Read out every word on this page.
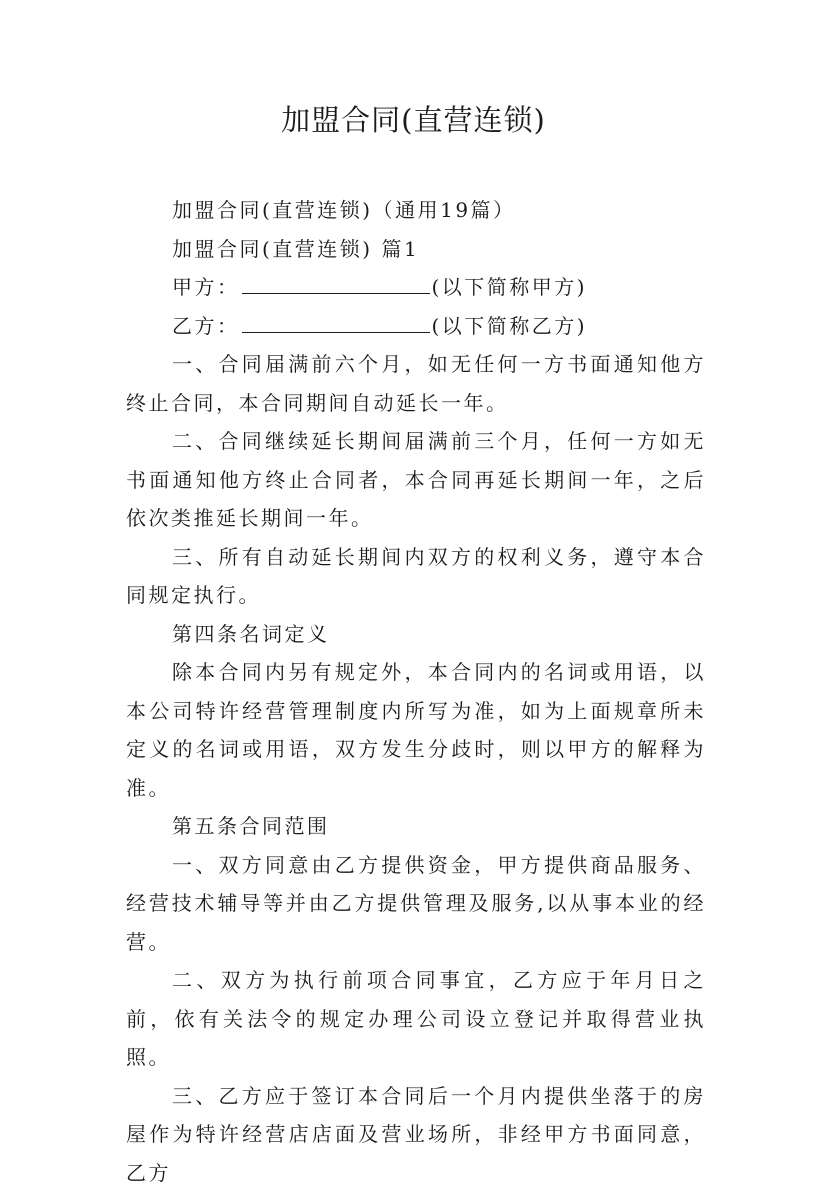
加盟合同(直营连锁)

加盟合同(直营连锁)（通用19篇）

加盟合同(直营连锁) 篇1

甲方：	(以下简称甲方)

乙方：	(以下简称乙方)

一、合同届满前六个月，如无任何一方书面通知他方终止合同，本合同期间自动延长一年。

二、合同继续延长期间届满前三个月，任何一方如无书面通知他方终止合同者，本合同再延长期间一年，之后依次类推延长期间一年。

三、所有自动延长期间内双方的权利义务，遵守本合同规定执行。

第四条名词定义

除本合同内另有规定外，本合同内的名词或用语，以本公司特许经营管理制度内所写为准，如为上面规章所未定义的名词或用语，双方发生分歧时，则以甲方的解释为准。

第五条合同范围

一、双方同意由乙方提供资金，甲方提供商品服务、经营技术辅导等并由乙方提供管理及服务,以从事本业的经营。

二、双方为执行前项合同事宜，乙方应于年月日之前，依有关法令的规定办理公司设立登记并取得营业执照。

三、乙方应于签订本合同后一个月内提供坐落于的房屋作为特许经营店店面及营业场所，非经甲方书面同意，乙方
